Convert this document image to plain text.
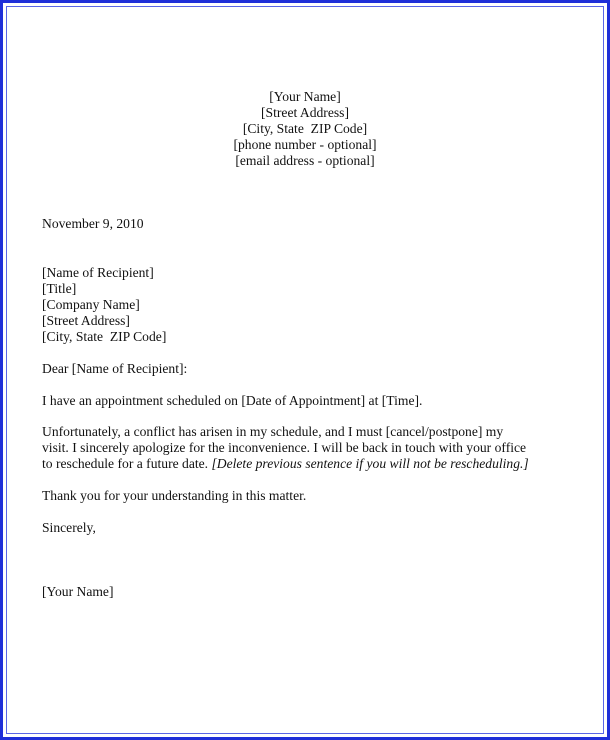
[Your Name]
[Street Address]
[City, State  ZIP Code]
[phone number - optional]
[email address - optional]
November 9, 2010
[Name of Recipient]
[Title]
[Company Name]
[Street Address]
[City, State  ZIP Code]
Dear [Name of Recipient]:
I have an appointment scheduled on [Date of Appointment] at [Time].
Unfortunately, a conflict has arisen in my schedule, and I must [cancel/postpone] my
visit. I sincerely apologize for the inconvenience. I will be back in touch with your office
to reschedule for a future date. [Delete previous sentence if you will not be rescheduling.]
Thank you for your understanding in this matter.
Sincerely,
[Your Name]
